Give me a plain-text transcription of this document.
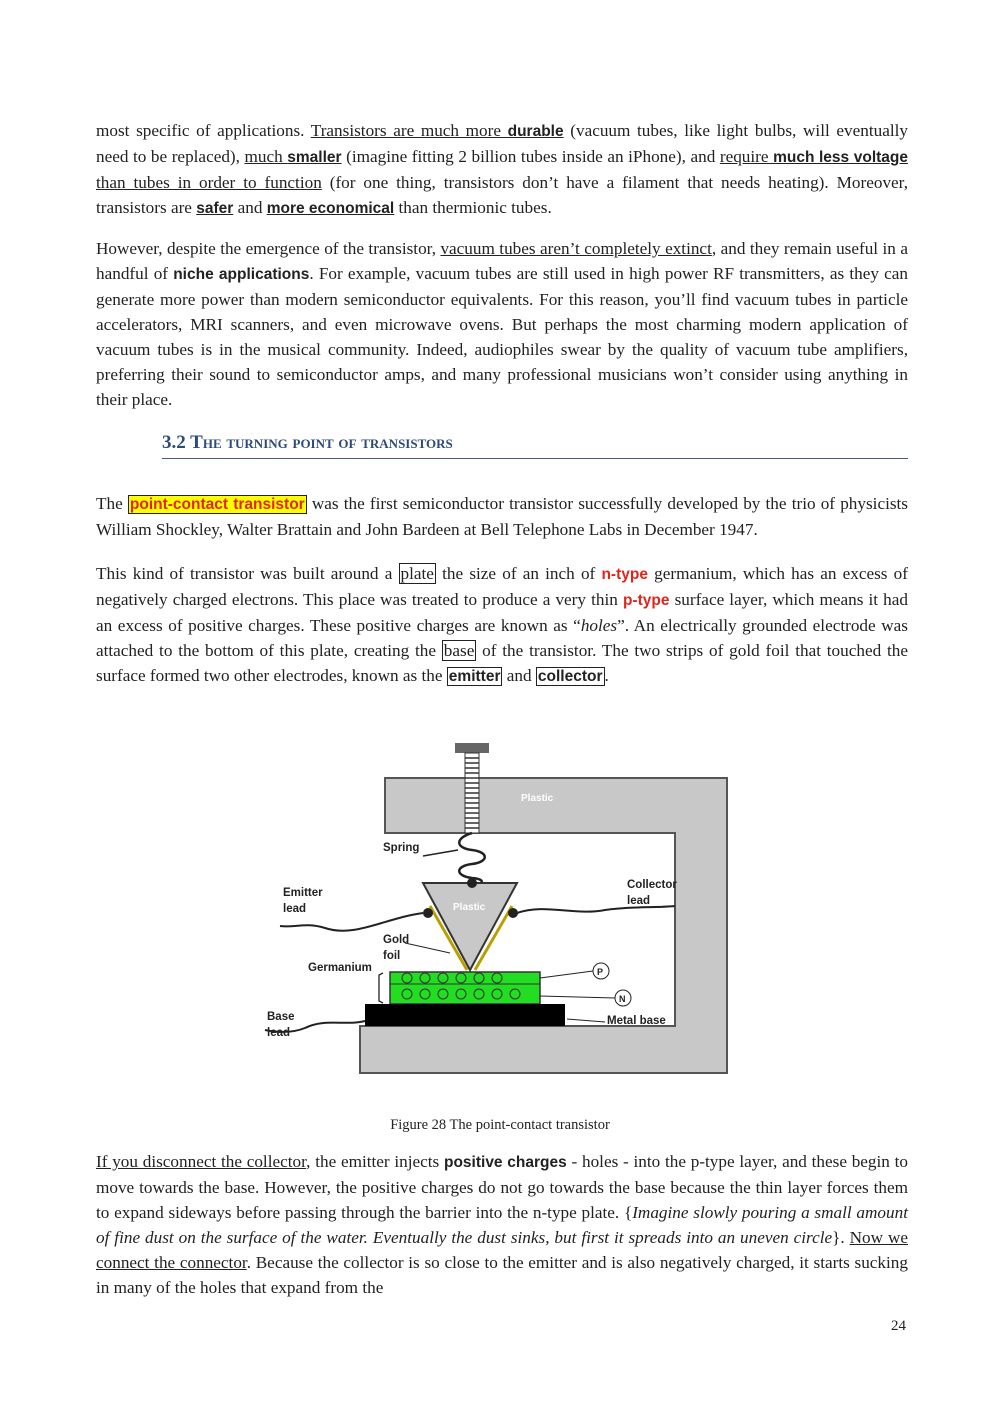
most specific of applications. Transistors are much more durable (vacuum tubes, like light bulbs, will eventually need to be replaced), much smaller (imagine fitting 2 billion tubes inside an iPhone), and require much less voltage than tubes in order to function (for one thing, transistors don’t have a filament that needs heating). Moreover, transistors are safer and more economical than thermionic tubes.

However, despite the emergence of the transistor, vacuum tubes aren’t completely extinct, and they remain useful in a handful of niche applications. For example, vacuum tubes are still used in high power RF transmitters, as they can generate more power than modern semiconductor equivalents. For this reason, you’ll find vacuum tubes in particle accelerators, MRI scanners, and even microwave ovens. But perhaps the most charming modern application of vacuum tubes is in the musical community. Indeed, audiophiles swear by the quality of vacuum tube amplifiers, preferring their sound to semiconductor amps, and many professional musicians won’t consider using anything in their place.

3.2 The turning point of transistors

The point-contact transistor was the first semiconductor transistor successfully developed by the trio of physicists William Shockley, Walter Brattain and John Bardeen at Bell Telephone Labs in December 1947.

This kind of transistor was built around a plate the size of an inch of n-type germanium, which has an excess of negatively charged electrons. This place was treated to produce a very thin p-type surface layer, which means it had an excess of positive charges. These positive charges are known as “holes”. An electrically grounded electrode was attached to the bottom of this plate, creating the base of the transistor. The two strips of gold foil that touched the surface formed two other electrodes, known as the emitter and collector .

Plastic
Spring
Plastic
Emitter
lead
Collector
lead
Gold
foil
Germanium	P
N
Metal base
Base
lead
Figure 28 The point-contact transistor

If you disconnect the collector, the emitter injects positive charges - holes - into the p-type layer, and these begin to move towards the base. However, the positive charges do not go towards the base because the thin layer forces them to expand sideways before passing through the barrier into the n-type plate. {Imagine slowly pouring a small amount of fine dust on the surface of the water. Eventually the dust sinks, but first it spreads into an uneven circle}. Now we connect the connector. Because the collector is so close to the emitter and is also negatively charged, it starts sucking in many of the holes that expand from the

24
